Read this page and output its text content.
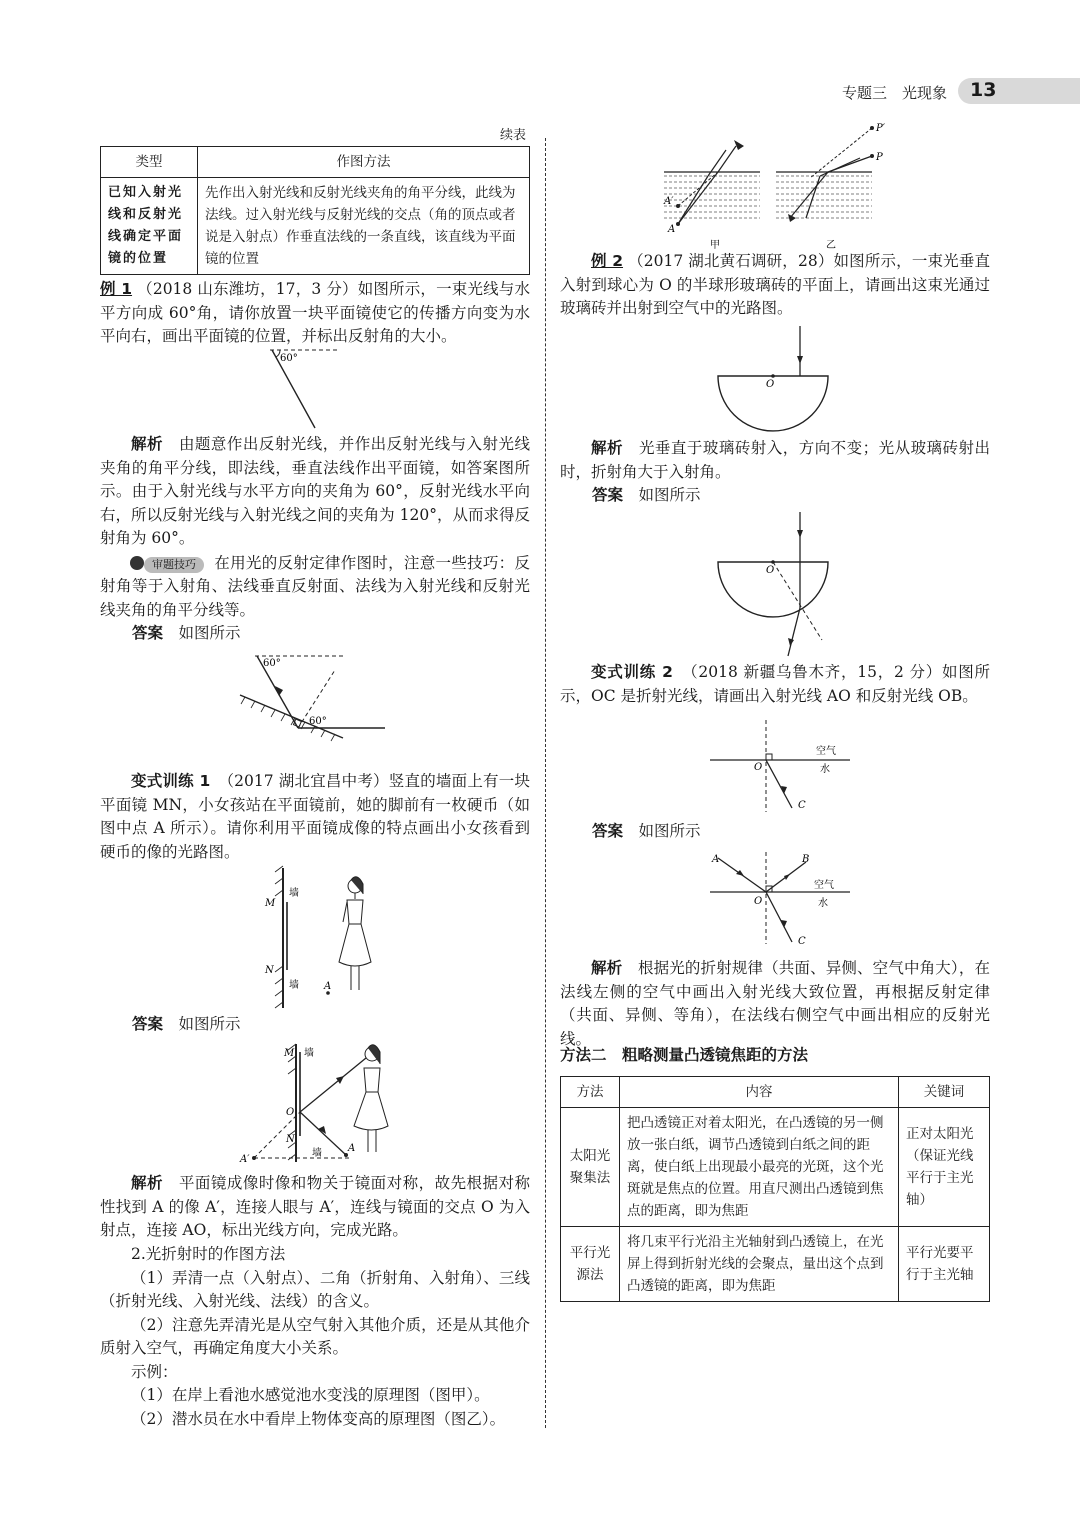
专题三　光现象 13
续表
类型	作图方法
已知入射光线和反射光线确定平面镜的位置	先作出入射光线和反射光线夹角的角平分线，此线为法线。过入射光线与反射光线的交点（角的顶点或者说是入射点）作垂直法线的一条直线，该直线为平面镜的位置

例 1 （2018 山东潍坊，17，3 分）如图所示，一束光线与水平方向成 60°角，请你放置一块平面镜使它的传播方向变为水平向右，画出平面镜的位置，并标出反射角的大小。

60°

解析　 由题意作出反射光线，并作出反射光线与入射光线夹角的角平分线，即法线，垂直法线作出平面镜，如答案图所示。由于入射光线与水平方向的夹角为 60°，反射光线水平向右，所以反射光线与入射光线之间的夹角为 120°，从而求得反射角为 60°。

审题技巧 在用光的反射定律作图时，注意一些技巧：反射角等于入射角、法线垂直反射面、法线为入射光线和反射光线夹角的角平分线等。

答案　 如图所示

60°
60°

变式训练 1　 （2017 湖北宜昌中考）竖直的墙面上有一块平面镜 MN，小女孩站在平面镜前，她的脚前有一枚硬币（如图中点 A 所示）。请你利用平面镜成像的特点画出小女孩看到硬币的像的光路图。

墙
墙
M
N
A

答案　 如图所示

墙
墙
M
O
N
A′
A

解析　 平面镜成像时像和物关于镜面对称，故先根据对称性找到 A 的像 A′，连接人眼与 A′，连线与镜面的交点 O 为入射点，连接 AO，标出光线方向，完成光路。

2.光折射时的作图方法

（1）弄清一点（入射点）、二角（折射角、入射角）、三线（折射光线、入射光线、法线）的含义。

（2）注意先弄清光是从空气射入其他介质，还是从其他介质射入空气，再确定角度大小关系。

示例：

（1）在岸上看池水感觉池水变浅的原理图（图甲）。

（2）潜水员在水中看岸上物体变高的原理图（图乙）。

A
A′
甲
P
P′
乙

例 2 （2017 湖北黄石调研，28）如图所示，一束光垂直入射到球心为 O 的半球形玻璃砖的平面上，请画出这束光通过玻璃砖并出射到空气中的光路图。

O

解析　 光垂直于玻璃砖射入，方向不变；光从玻璃砖射出时，折射角大于入射角。

答案　 如图所示

O

变式训练 2　 （2018 新疆乌鲁木齐，15，2 分）如图所示，OC 是折射光线，请画出入射光线 AO 和反射光线 OB。

空气
水
O
C

答案　 如图所示

A	B
空气
水
O
C

解析　 根据光的折射规律（共面、异侧、空气中角大），在法线左侧的空气中画出入射光线大致位置，再根据反射定律（共面、异侧、等角），在法线右侧空气中画出相应的反射光线。

方法二　粗略测量凸透镜焦距的方法
方法	内容	关键词
太阳光聚集法	把凸透镜正对着太阳光，在凸透镜的另一侧放一张白纸，调节凸透镜到白纸之间的距离，使白纸上出现最小最亮的光斑，这个光斑就是焦点的位置。用直尺测出凸透镜到焦点的距离，即为焦距	正对太阳光（保证光线平行于主光轴）
平行光源法	将几束平行光沿主光轴射到凸透镜上，在光屏上得到折射光线的会聚点，量出这个点到凸透镜的距离，即为焦距	平行光要平行于主光轴
